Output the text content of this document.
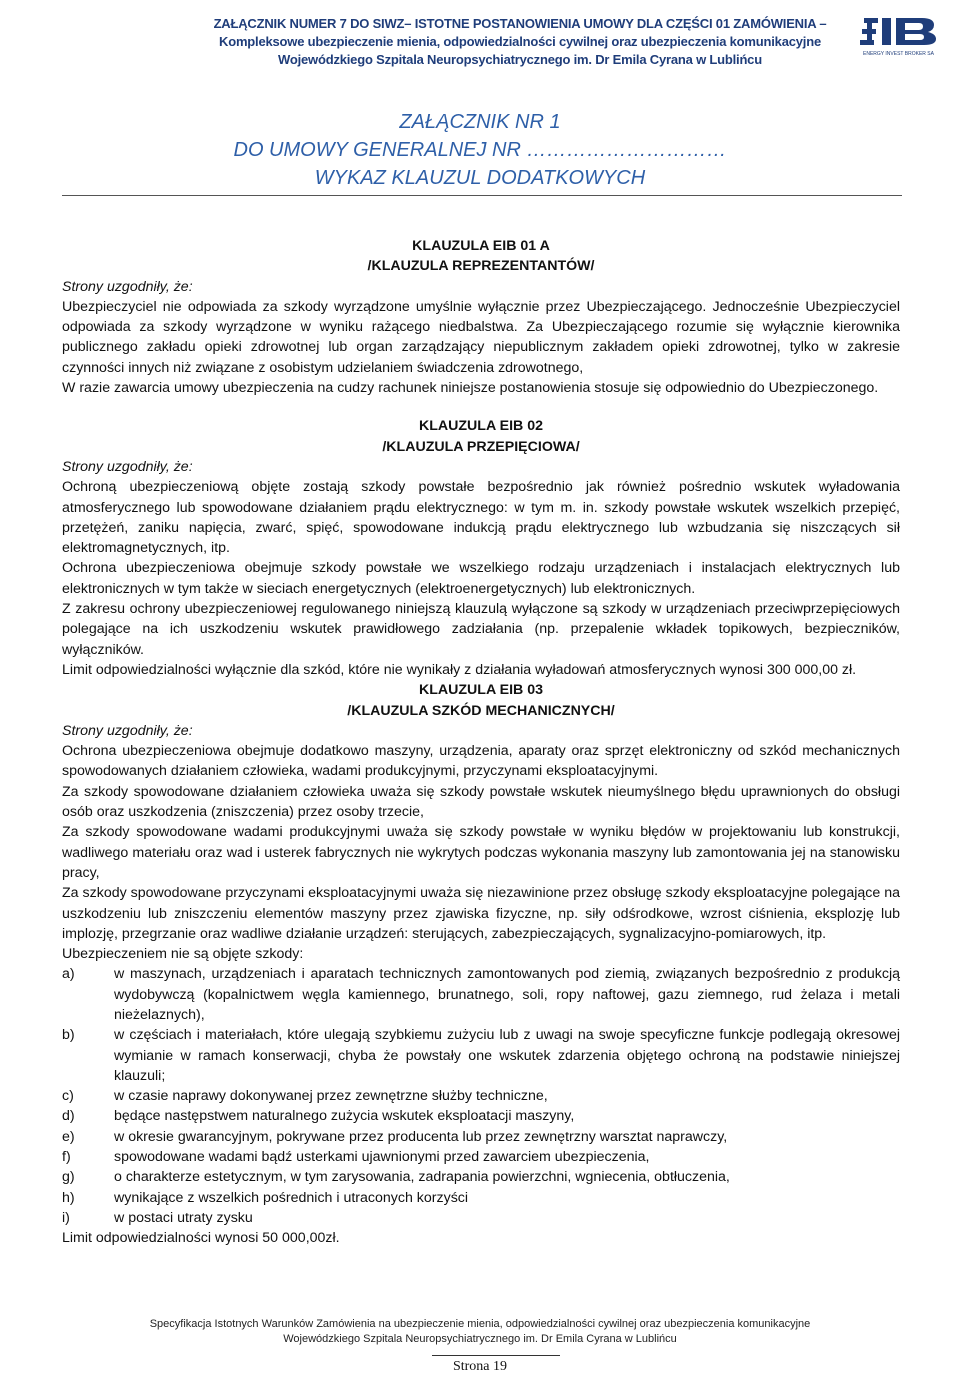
ZAŁĄCZNIK NUMER 7 DO SIWZ– ISTOTNE POSTANOWIENIA UMOWY DLA CZĘŚCI 01 ZAMÓWIENIA –
Kompleksowe ubezpieczenie mienia, odpowiedzialności cywilnej oraz ubezpieczenia komunikacyjne
Wojewódzkiego Szpitala Neuropsychiatrycznego im. Dr Emila Cyrana w Lublińcu	ENERGY INVEST BROKER SA
ZAŁĄCZNIK NR 1
DO UMOWY GENERALNEJ NR …………………………
WYKAZ KLAUZUL DODATKOWYCH

KLAUZULA EIB 01 A

/KLAUZULA REPREZENTANTÓW/

Strony uzgodniły, że:

Ubezpieczyciel nie odpowiada za szkody wyrządzone umyślnie wyłącznie przez Ubezpieczającego. Jednocześnie Ubezpieczyciel odpowiada za szkody wyrządzone w wyniku rażącego niedbalstwa. Za Ubezpieczającego rozumie się wyłącznie kierownika publicznego zakładu opieki zdrowotnej lub organ zarządzający niepublicznym zakładem opieki zdrowotnej, tylko w zakresie czynności innych niż związane z osobistym udzielaniem świadczenia zdrowotnego,

W razie zawarcia umowy ubezpieczenia na cudzy rachunek niniejsze postanowienia stosuje się odpowiednio do Ubezpieczonego.

KLAUZULA EIB 02

/KLAUZULA PRZEPIĘCIOWA/

Strony uzgodniły, że:

Ochroną ubezpieczeniową objęte zostają szkody powstałe bezpośrednio jak również pośrednio wskutek wyładowania atmosferycznego lub spowodowane działaniem prądu elektrycznego: w tym m. in. szkody powstałe wskutek wszelkich przepięć, przetężeń, zaniku napięcia, zwarć, spięć, spowodowane indukcją prądu elektrycznego lub wzbudzania się niszczących sił elektromagnetycznych, itp.

Ochrona ubezpieczeniowa obejmuje szkody powstałe we wszelkiego rodzaju urządzeniach i instalacjach elektrycznych lub elektronicznych w tym także w sieciach energetycznych (elektroenergetycznych) lub elektronicznych.

Z zakresu ochrony ubezpieczeniowej regulowanego niniejszą klauzulą wyłączone są szkody w urządzeniach przeciwprzepięciowych polegające na ich uszkodzeniu wskutek prawidłowego zadziałania (np. przepalenie wkładek topikowych, bezpieczników, wyłączników.

Limit odpowiedzialności wyłącznie dla szkód, które nie wynikały z działania wyładowań atmosferycznych wynosi 300 000,00 zł.

KLAUZULA EIB 03

/KLAUZULA SZKÓD MECHANICZNYCH/

Strony uzgodniły, że:

Ochrona ubezpieczeniowa obejmuje dodatkowo maszyny, urządzenia, aparaty oraz sprzęt elektroniczny od szkód mechanicznych spowodowanych działaniem człowieka, wadami produkcyjnymi, przyczynami eksploatacyjnymi.

Za szkody spowodowane działaniem człowieka uważa się szkody powstałe wskutek nieumyślnego błędu uprawnionych do obsługi osób oraz uszkodzenia (zniszczenia) przez osoby trzecie,

Za szkody spowodowane wadami produkcyjnymi uważa się szkody powstałe w wyniku błędów w projektowaniu lub konstrukcji, wadliwego materiału oraz wad i usterek fabrycznych nie wykrytych podczas wykonania maszyny lub zamontowania jej na stanowisku pracy,

Za szkody spowodowane przyczynami eksploatacyjnymi uważa się niezawinione przez obsługę szkody eksploatacyjne polegające na uszkodzeniu lub zniszczeniu elementów maszyny przez zjawiska fizyczne, np. siły odśrodkowe, wzrost ciśnienia, eksplozję lub implozję, przegrzanie oraz wadliwe działanie urządzeń: sterujących, zabezpieczających, sygnalizacyjno-pomiarowych, itp.

Ubezpieczeniem nie są objęte szkody:

a)	w maszynach, urządzeniach i aparatach technicznych zamontowanych pod ziemią, związanych bezpośrednio z produkcją wydobywczą (kopalnictwem węgla kamiennego, brunatnego, soli, ropy naftowej, gazu ziemnego, rud żelaza i metali nieżelaznych),
b)	w częściach i materiałach, które ulegają szybkiemu zużyciu lub z uwagi na swoje specyficzne funkcje podlegają okresowej wymianie w ramach konserwacji, chyba że powstały one wskutek zdarzenia objętego ochroną na podstawie niniejszej klauzuli;
c)	w czasie naprawy dokonywanej przez zewnętrzne służby techniczne,
d)	będące następstwem naturalnego zużycia wskutek eksploatacji maszyny,
e)	w okresie gwarancyjnym, pokrywane przez producenta lub przez zewnętrzny warsztat naprawczy,
f)	spowodowane wadami bądź usterkami ujawnionymi przed zawarciem ubezpieczenia,
g)	o charakterze estetycznym, w tym zarysowania, zadrapania powierzchni, wgniecenia, obtłuczenia,
h)	wynikające z wszelkich pośrednich i utraconych korzyści
i)	w postaci utraty zysku

Limit odpowiedzialności wynosi 50 000,00zł.

Specyfikacja Istotnych Warunków Zamówienia na ubezpieczenie mienia, odpowiedzialności cywilnej oraz ubezpieczenia komunikacyjne
Wojewódzkiego Szpitala Neuropsychiatrycznego im. Dr Emila Cyrana w Lublińcu
Strona 19
